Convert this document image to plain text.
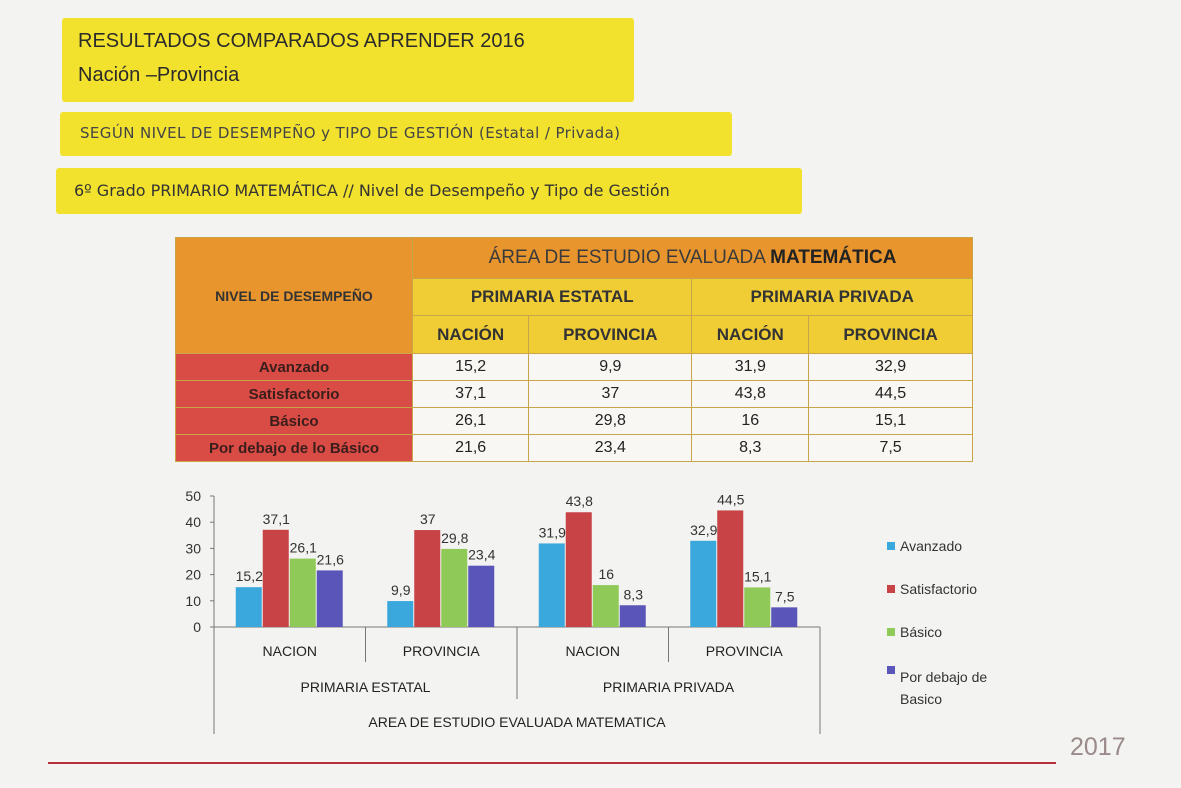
RESULTADOS COMPARADOS APRENDER 2016
Nación –Provincia
SEGÚN NIVEL DE DESEMPEÑO y TIPO DE GESTIÓN (Estatal / Privada)
6º Grado PRIMARIO MATEMÁTICA // Nivel de Desempeño y Tipo de Gestión
NIVEL DE DESEMPEÑO	ÁREA DE ESTUDIO EVALUADA MATEMÁTICA			
	PRIMARIA ESTATAL		PRIMARIA PRIVADA	
	NACIÓN	PROVINCIA	NACIÓN	PROVINCIA
Avanzado	15,2	9,9	31,9	32,9
Satisfactorio	37,1	37	43,8	44,5
Básico	26,1	29,8	16	15,1
Por debajo de lo Básico	21,6	23,4	8,3	7,5
0
10
20
30
40
50
15,2
9,9
31,9	32,9
37,1	37
43,8	44,5
26,1
29,8
16	15,1
21,6	23,4
8,3	7,5
NACION	PROVINCIA	NACION	PROVINCIA
PRIMARIA ESTATAL	PRIMARIA PRIVADA
AREA DE ESTUDIO EVALUADA MATEMATICA
Avanzado
Satisfactorio
Básico
Por debajo de Basico
2017
